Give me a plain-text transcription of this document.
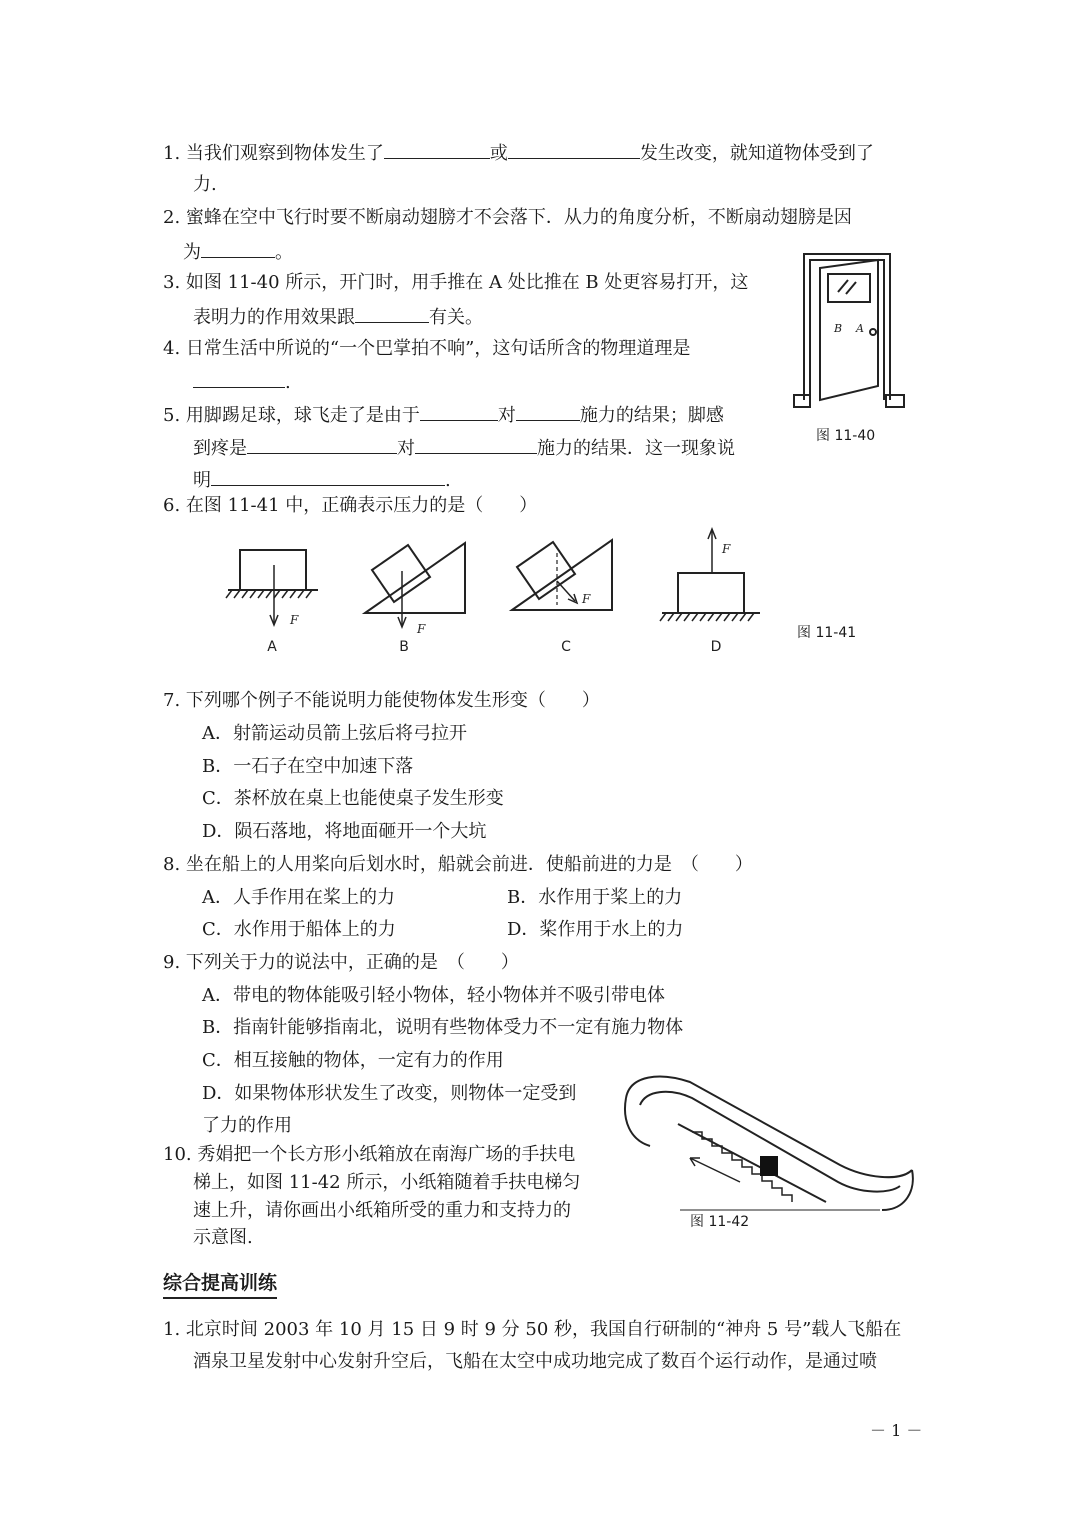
1. 当我们观察到物体发生了	或	发生改变，就知道物体受到了
力.
2. 蜜蜂在空中飞行时要不断扇动翅膀才不会落下．从力的角度分析，不断扇动翅膀是因
为	。
3. 如图 11-40 所示，开门时，用手推在 A 处比推在 B 处更容易打开，这
表明力的作用效果跟	有关。
4. 日常生活中所说的“一个巴掌拍不响”，这句话所含的物理道理是
.
5. 用脚踢足球，球飞走了是由于	对	施力的结果；脚感
到疼是	对	施力的结果．这一现象说
明	.
6. 在图 11-41 中，正确表示压力的是（　　）
B A
图 11-40
F
F
F
F
A	B	C	D
图 11-41
7. 下列哪个例子不能说明力能使物体发生形变（　　）
A．射箭运动员箭上弦后将弓拉开
B．一石子在空中加速下落
C．茶杯放在桌上也能使桌子发生形变
D．陨石落地，将地面砸开一个大坑
8. 坐在船上的人用桨向后划水时，船就会前进．使船前进的力是　（　　）
A．人手作用在桨上的力	B．水作用于桨上的力
C．水作用于船体上的力	D．桨作用于水上的力
9. 下列关于力的说法中，正确的是　（　　）
A．带电的物体能吸引轻小物体，轻小物体并不吸引带电体
B．指南针能够指南北，说明有些物体受力不一定有施力物体
C．相互接触的物体，一定有力的作用
D．如果物体形状发生了改变，则物体一定受到
了力的作用
10. 秀娟把一个长方形小纸箱放在南海广场的手扶电
梯上，如图 11-42 所示，小纸箱随着手扶电梯匀
速上升，请你画出小纸箱所受的重力和支持力的
示意图.
图 11-42
综合提高训练
1. 北京时间 2003 年 10 月 15 日 9 时 9 分 50 秒，我国自行研制的“神舟 5 号”载人飞船在
酒泉卫星发射中心发射升空后，飞船在太空中成功地完成了数百个运行动作，是通过喷
－ 1 －
